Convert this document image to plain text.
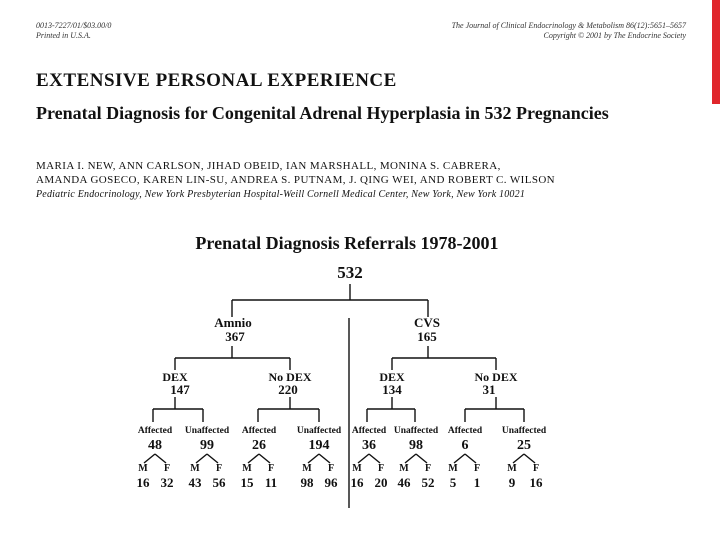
0013-7227/01/$03.00/0
Printed in U.S.A.
The Journal of Clinical Endocrinology & Metabolism 86(12):5651–5657
Copyright © 2001 by The Endocrine Society
EXTENSIVE PERSONAL EXPERIENCE
Prenatal Diagnosis for Congenital Adrenal Hyperplasia in 532 Pregnancies
MARIA I. NEW, ANN CARLSON, JIHAD OBEID, IAN MARSHALL, MONINA S. CABRERA,
AMANDA GOSECO, KAREN LIN-SU, ANDREA S. PUTNAM, J. QING WEI, AND ROBERT C. WILSON
Pediatric Endocrinology, New York Presbyterian Hospital-Weill Cornell Medical Center, New York, New York 10021
Prenatal Diagnosis Referrals 1978-2001
532
Amnio
367
CVS
165
DEX
147
No DEX
220
DEX
134
No DEX
31
Affected
48
M F
16 32
Unaffected
99
M F
43 56
Affected
26
M F
15 11
Unaffected
194
M F
98 96
Affected
36
M F
16 20
Unaffected
98
M F
46 52
Affected
6
M F
5 1
Unaffected
25
M F
9 16
